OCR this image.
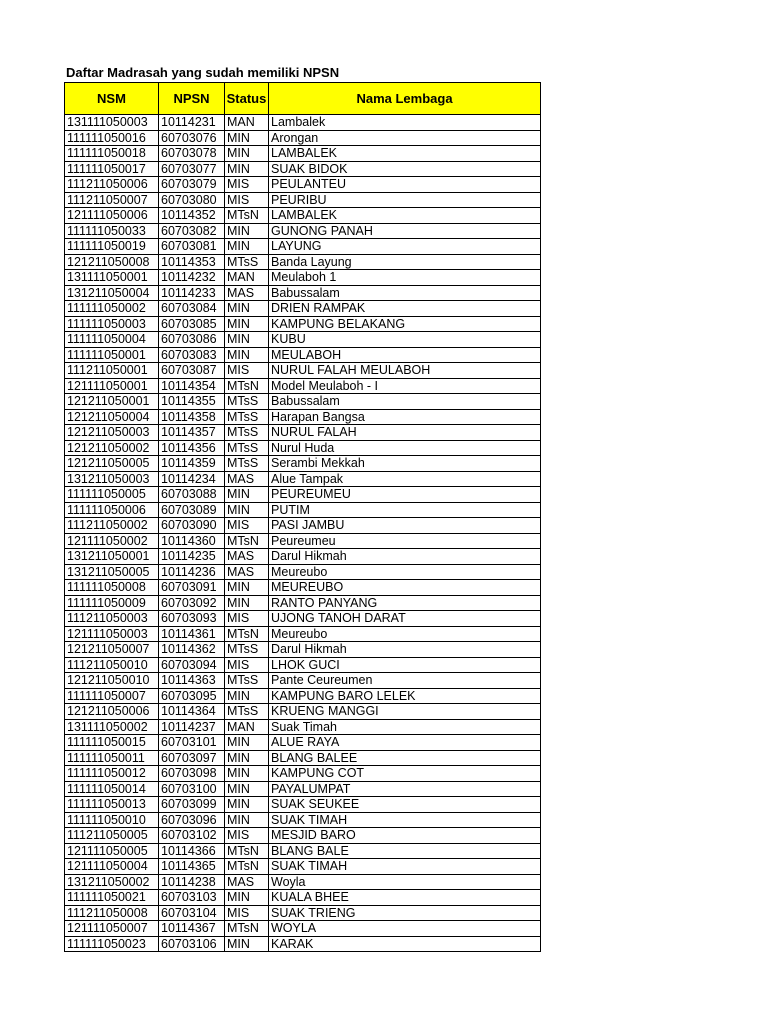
Daftar Madrasah yang sudah memiliki NPSN
NSM	NPSN	Status	Nama Lembaga
131111050003	10114231	MAN	Lambalek
111111050016	60703076	MIN	Arongan
111111050018	60703078	MIN	LAMBALEK
111111050017	60703077	MIN	SUAK BIDOK
111211050006	60703079	MIS	PEULANTEU
111211050007	60703080	MIS	PEURIBU
121111050006	10114352	MTsN	LAMBALEK
111111050033	60703082	MIN	GUNONG PANAH
111111050019	60703081	MIN	LAYUNG
121211050008	10114353	MTsS	Banda Layung
131111050001	10114232	MAN	Meulaboh 1
131211050004	10114233	MAS	Babussalam
111111050002	60703084	MIN	DRIEN RAMPAK
111111050003	60703085	MIN	KAMPUNG BELAKANG
111111050004	60703086	MIN	KUBU
111111050001	60703083	MIN	MEULABOH
111211050001	60703087	MIS	NURUL FALAH MEULABOH
121111050001	10114354	MTsN	Model Meulaboh - I
121211050001	10114355	MTsS	Babussalam
121211050004	10114358	MTsS	Harapan Bangsa
121211050003	10114357	MTsS	NURUL FALAH
121211050002	10114356	MTsS	Nurul Huda
121211050005	10114359	MTsS	Serambi Mekkah
131211050003	10114234	MAS	Alue Tampak
111111050005	60703088	MIN	PEUREUMEU
111111050006	60703089	MIN	PUTIM
111211050002	60703090	MIS	PASI JAMBU
121111050002	10114360	MTsN	Peureumeu
131211050001	10114235	MAS	Darul Hikmah
131211050005	10114236	MAS	Meureubo
111111050008	60703091	MIN	MEUREUBO
111111050009	60703092	MIN	RANTO PANYANG
111211050003	60703093	MIS	UJONG TANOH DARAT
121111050003	10114361	MTsN	Meureubo
121211050007	10114362	MTsS	Darul Hikmah
111211050010	60703094	MIS	LHOK GUCI
121211050010	10114363	MTsS	Pante Ceureumen
111111050007	60703095	MIN	KAMPUNG BARO LELEK
121211050006	10114364	MTsS	KRUENG MANGGI
131111050002	10114237	MAN	Suak Timah
111111050015	60703101	MIN	ALUE RAYA
111111050011	60703097	MIN	BLANG BALEE
111111050012	60703098	MIN	KAMPUNG COT
111111050014	60703100	MIN	PAYALUMPAT
111111050013	60703099	MIN	SUAK SEUKEE
111111050010	60703096	MIN	SUAK TIMAH
111211050005	60703102	MIS	MESJID BARO
121111050005	10114366	MTsN	BLANG BALE
121111050004	10114365	MTsN	SUAK TIMAH
131211050002	10114238	MAS	Woyla
111111050021	60703103	MIN	KUALA BHEE
111211050008	60703104	MIS	SUAK TRIENG
121111050007	10114367	MTsN	WOYLA
111111050023	60703106	MIN	KARAK
